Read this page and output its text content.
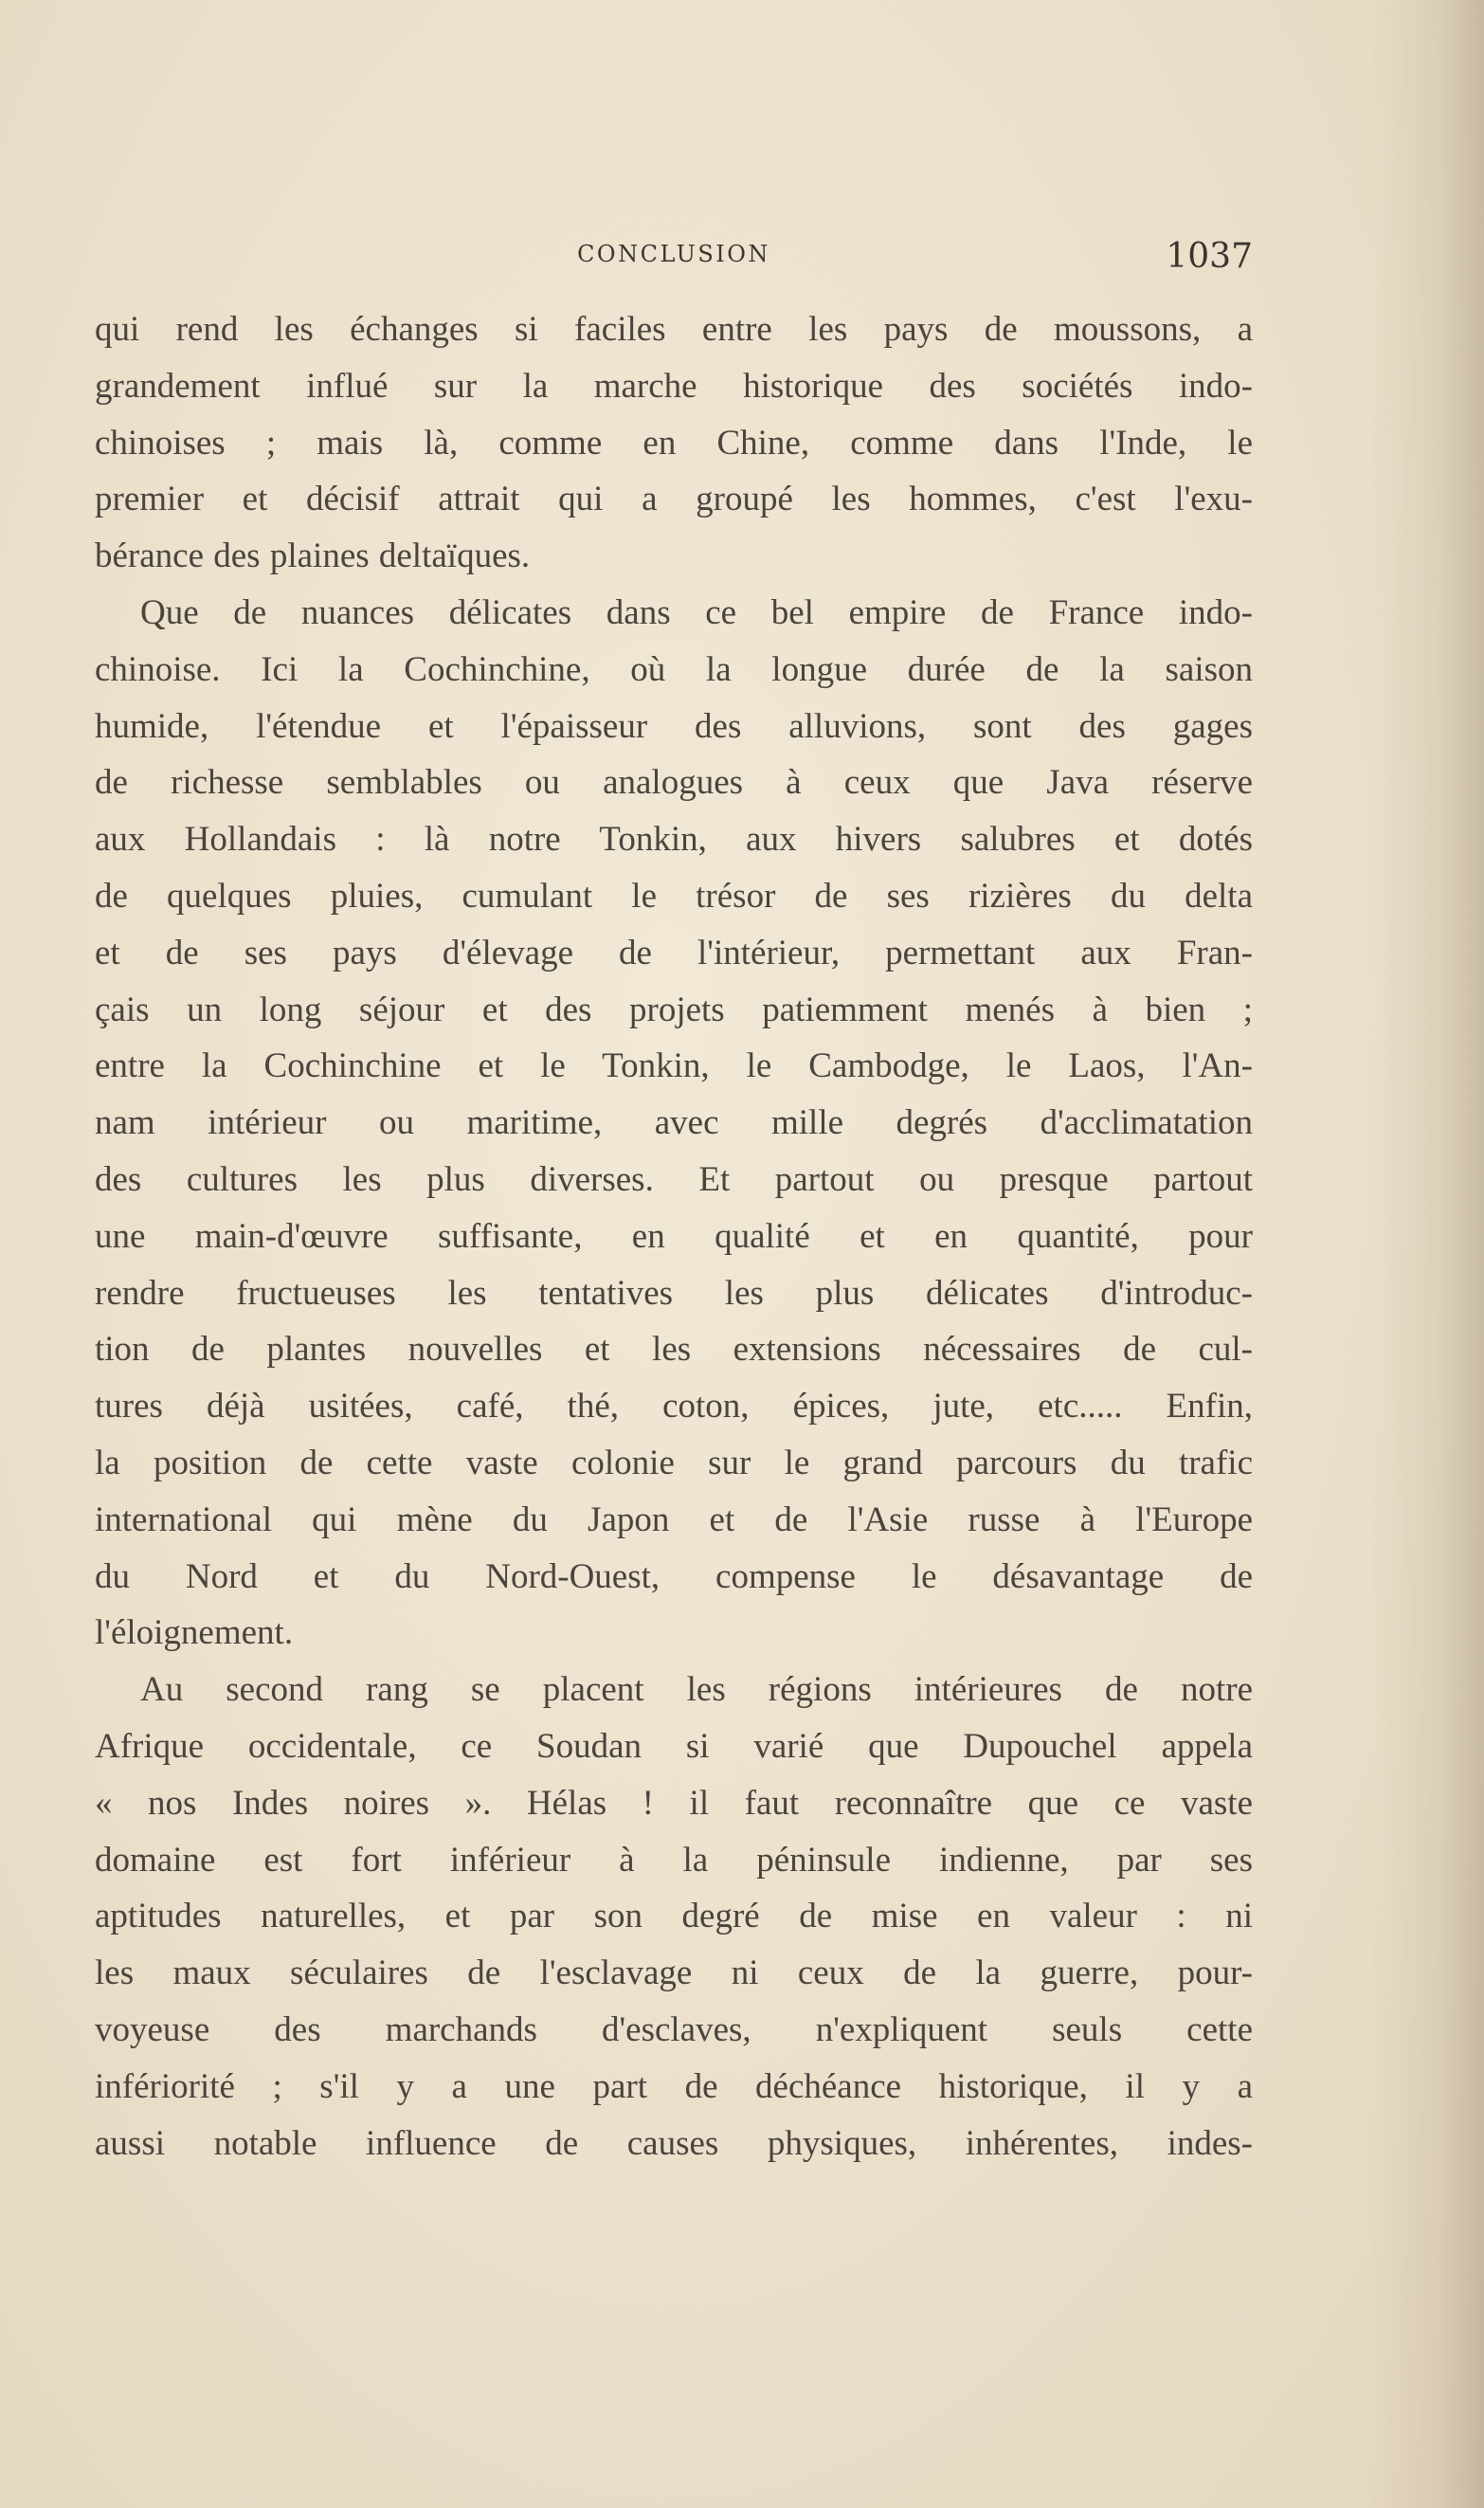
CONCLUSION	1037
qui rend les échanges si faciles entre les pays de moussons, a
grandement influé sur la marche historique des sociétés indo-
chinoises ; mais là, comme en Chine, comme dans l'Inde, le
premier et décisif attrait qui a groupé les hommes, c'est l'exu-
bérance des plaines deltaïques.
Que de nuances délicates dans ce bel empire de France indo-
chinoise. Ici la Cochinchine, où la longue durée de la saison
humide, l'étendue et l'épaisseur des alluvions, sont des gages
de richesse semblables ou analogues à ceux que Java réserve
aux Hollandais : là notre Tonkin, aux hivers salubres et dotés
de quelques pluies, cumulant le trésor de ses rizières du delta
et de ses pays d'élevage de l'intérieur, permettant aux Fran-
çais un long séjour et des projets patiemment menés à bien ;
entre la Cochinchine et le Tonkin, le Cambodge, le Laos, l'An-
nam intérieur ou maritime, avec mille degrés d'acclimatation
des cultures les plus diverses. Et partout ou presque partout
une main-d'œuvre suffisante, en qualité et en quantité, pour
rendre fructueuses les tentatives les plus délicates d'introduc-
tion de plantes nouvelles et les extensions nécessaires de cul-
tures déjà usitées, café, thé, coton, épices, jute, etc..... Enfin,
la position de cette vaste colonie sur le grand parcours du trafic
international qui mène du Japon et de l'Asie russe à l'Europe
du Nord et du Nord-Ouest, compense le désavantage de
l'éloignement.
Au second rang se placent les régions intérieures de notre
Afrique occidentale, ce Soudan si varié que Dupouchel appela
« nos Indes noires ». Hélas ! il faut reconnaître que ce vaste
domaine est fort inférieur à la péninsule indienne, par ses
aptitudes naturelles, et par son degré de mise en valeur : ni
les maux séculaires de l'esclavage ni ceux de la guerre, pour-
voyeuse des marchands d'esclaves, n'expliquent seuls cette
infériorité ; s'il y a une part de déchéance historique, il y a
aussi notable influence de causes physiques, inhérentes, indes-
